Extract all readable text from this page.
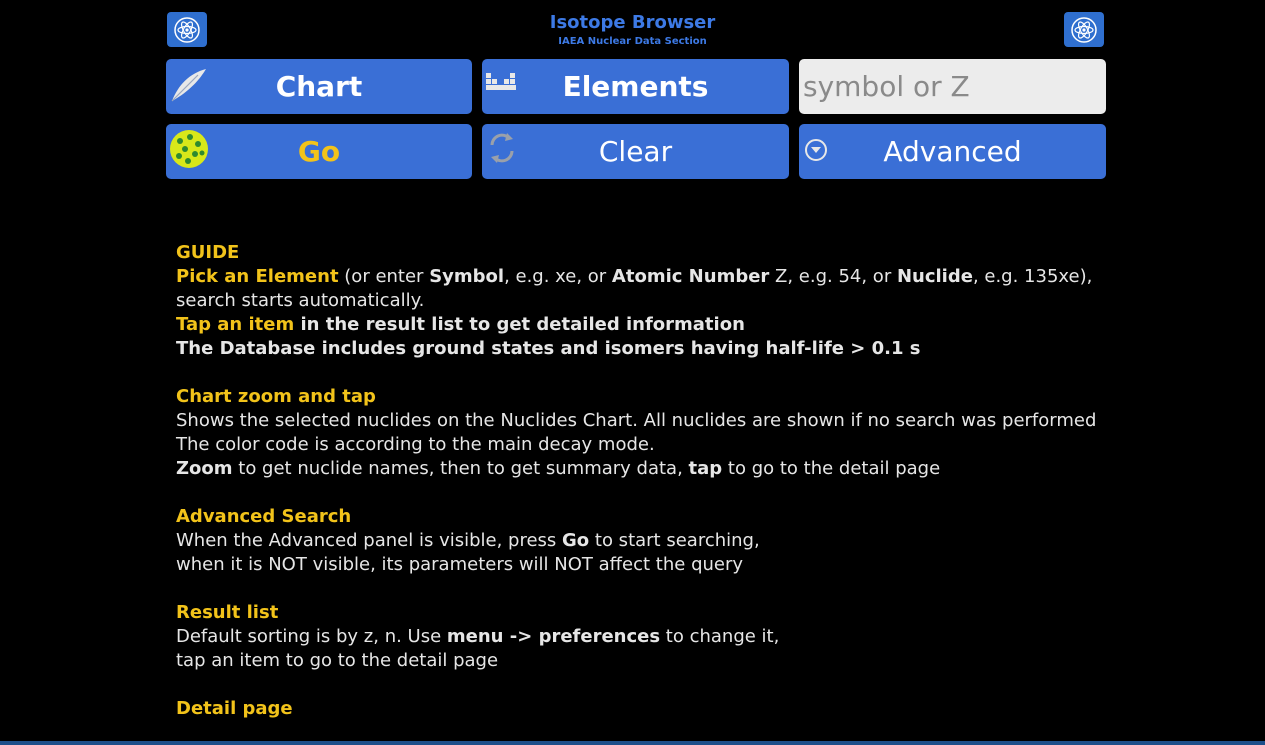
Isotope Browser
IAEA Nuclear Data Section
Chart	Elements
symbol or Z
Go	Clear	Advanced

GUIDE

Pick an Element (or enter Symbol, e.g. xe, or Atomic Number Z, e.g. 54, or Nuclide, e.g. 135xe),

search starts automatically.

Tap an item in the result list to get detailed information

The Database includes ground states and isomers having half-life > 0.1 s

Chart zoom and tap

Shows the selected nuclides on the Nuclides Chart. All nuclides are shown if no search was performed

The color code is according to the main decay mode.

Zoom to get nuclide names, then to get summary data, tap to go to the detail page

Advanced Search

When the Advanced panel is visible, press Go to start searching,

when it is NOT visible, its parameters will NOT affect the query

Result list

Default sorting is by z, n. Use menu -> preferences to change it,

tap an item to go to the detail page

Detail page
